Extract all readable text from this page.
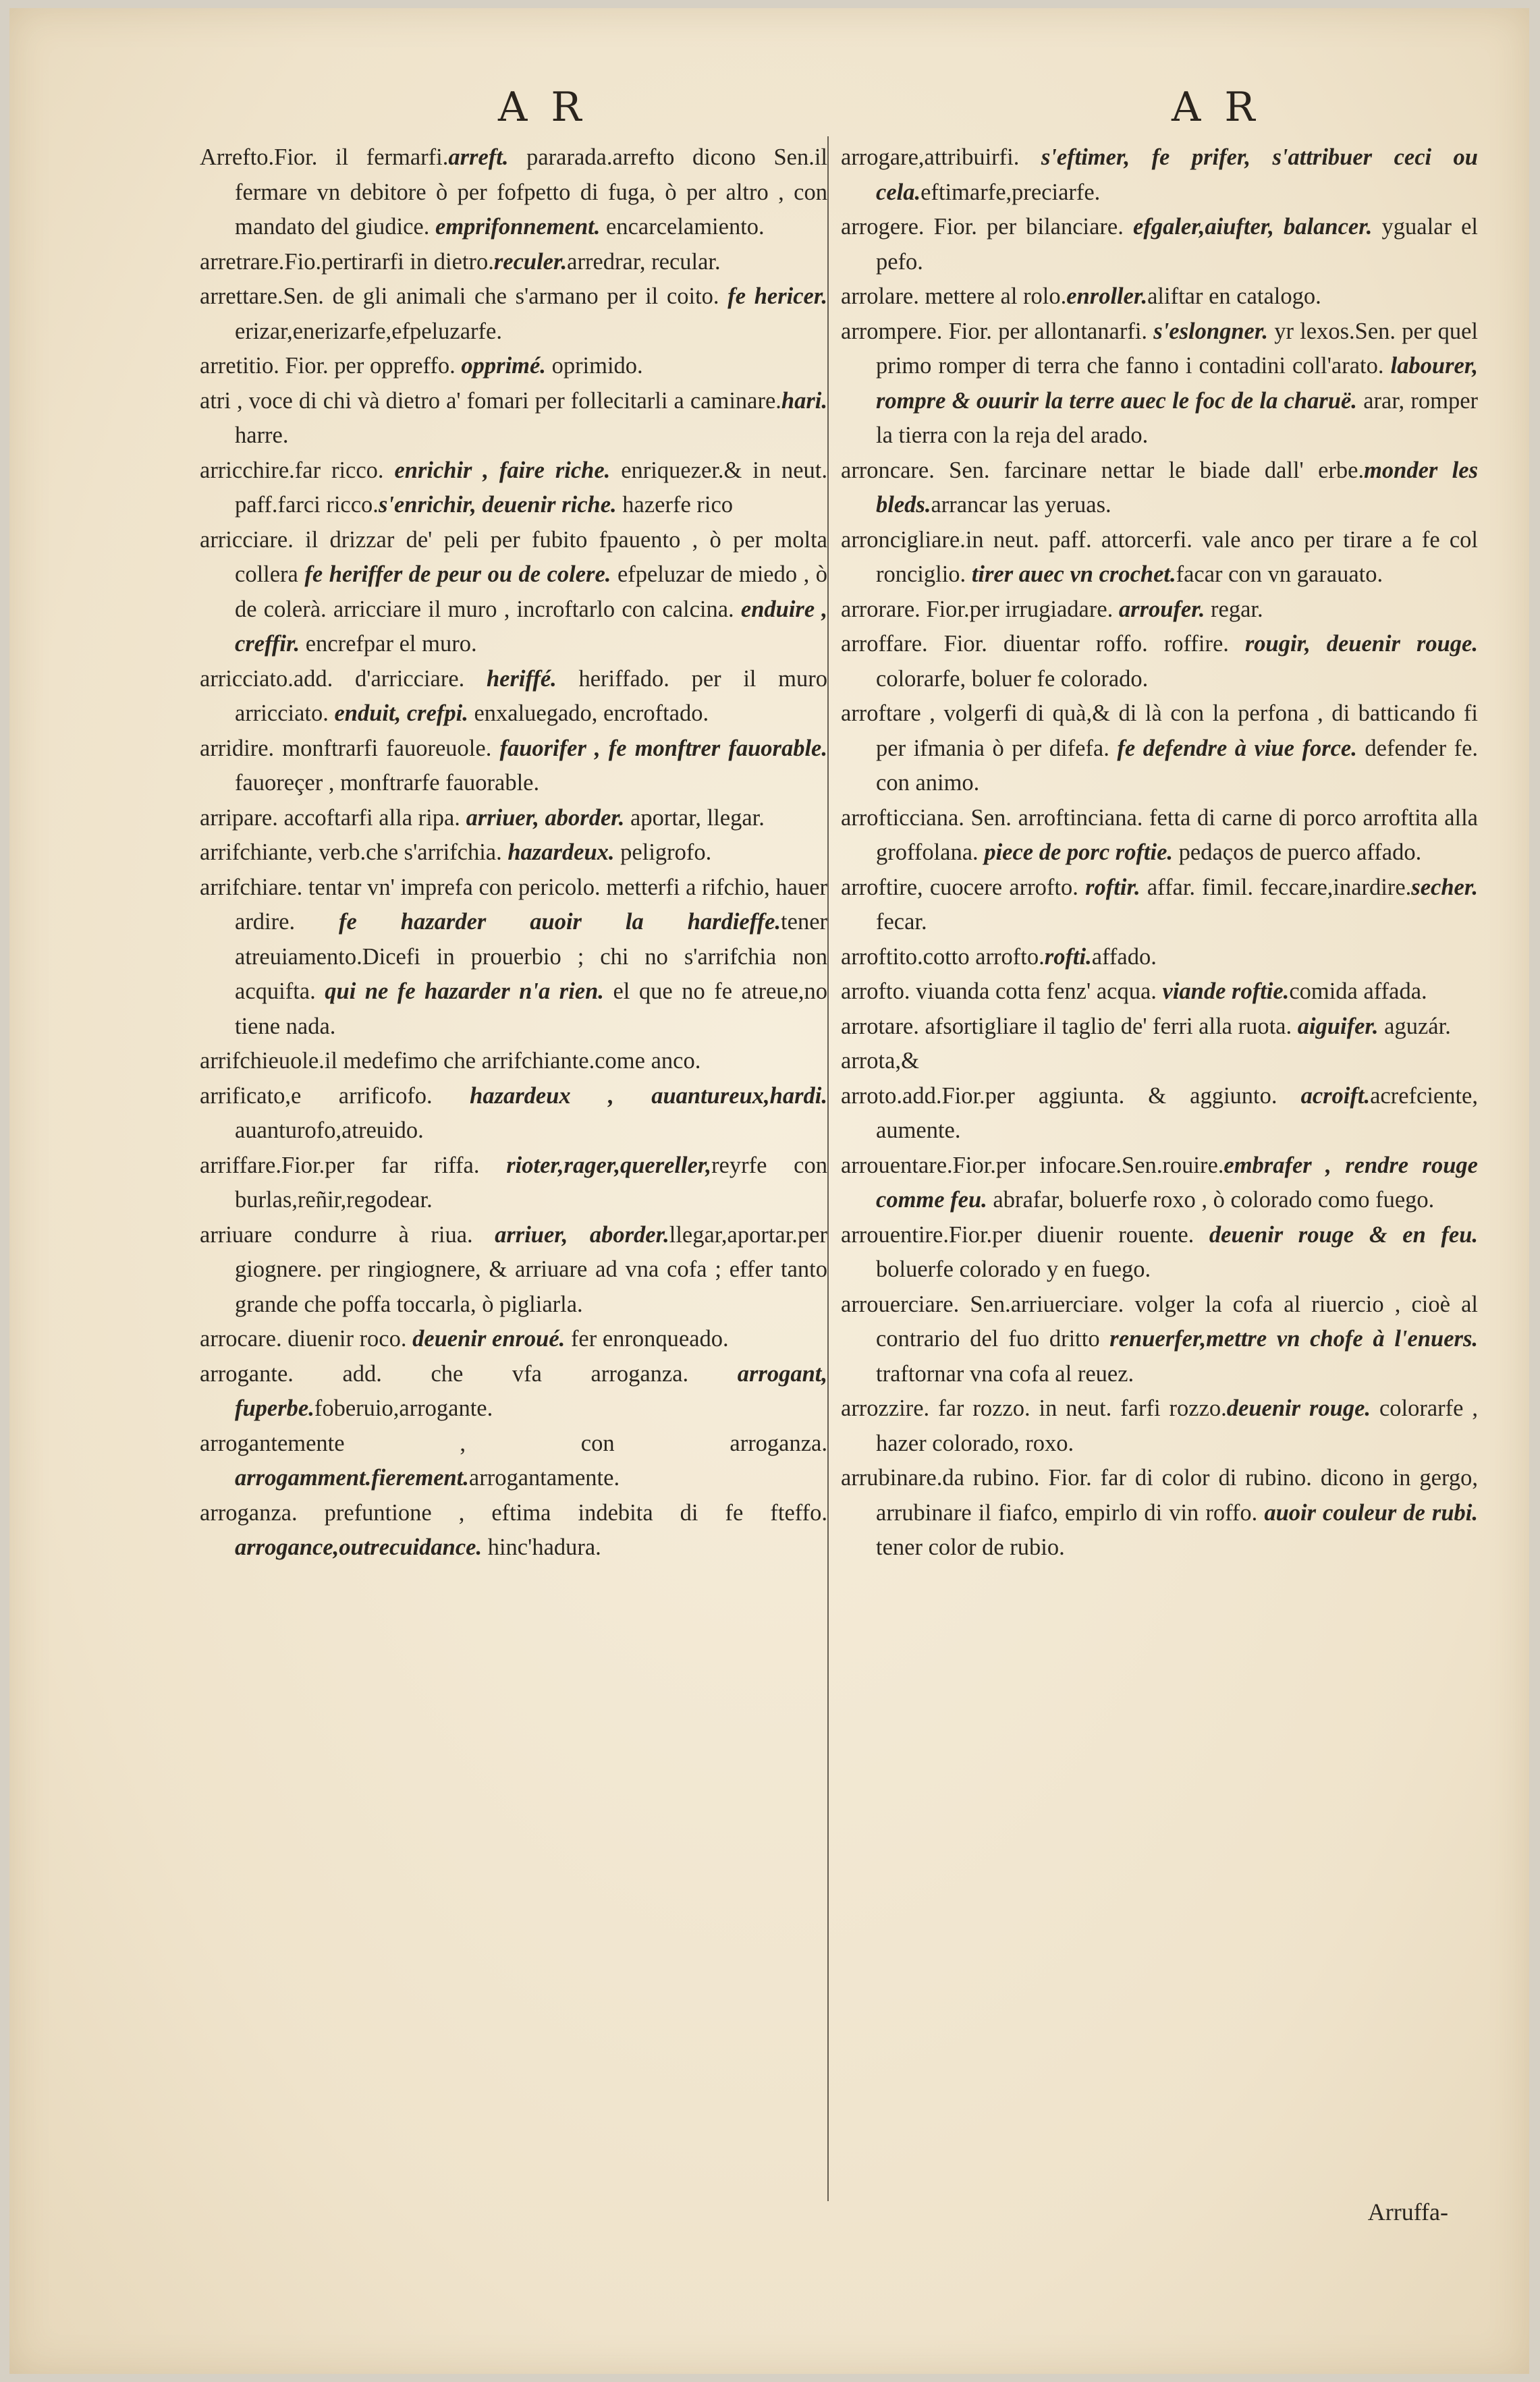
A R	A R
Arrefto.Fior. il fermarfi.arreft. pararada.arrefto dicono Sen.il fermare vn debitore ò per fofpetto di fuga, ò per altro , con mandato del giudice. emprifonnement. encarcelamiento.
arretrare.Fio.pertirarfi in dietro.reculer.arredrar, recular.
arrettare.Sen. de gli animali che s'armano per il coito. fe hericer. erizar,enerizarfe,efpeluzarfe.
arretitio. Fior. per oppreffo. opprimé. oprimido.
atri , voce di chi và dietro a' fomari per follecitarli a caminare.hari. harre.
arricchire.far ricco. enrichir , faire riche. enriquezer.& in neut. paff.farci ricco.s'enrichir, deuenir riche. hazerfe rico
arricciare. il drizzar de' peli per fubito fpauento , ò per molta collera fe heriffer de peur ou de colere. efpeluzar de miedo , ò de colerà. arricciare il muro , incroftarlo con calcina. enduire , creffir. encrefpar el muro.
arricciato.add. d'arricciare. heriffé. heriffado. per il muro arricciato. enduit, crefpi. enxaluegado, encroftado.
arridire. monftrarfi fauoreuole. fauorifer , fe monftrer fauorable. fauoreçer , monftrarfe fauorable.
arripare. accoftarfi alla ripa. arriuer, aborder. aportar, llegar.
arrifchiante, verb.che s'arrifchia. hazardeux. peligrofo.
arrifchiare. tentar vn' imprefa con pericolo. metterfi a rifchio, hauer ardire. fe hazarder auoir la hardieffe.tener atreuiamento.Dicefi in prouerbio ; chi no s'arrifchia non acquifta. qui ne fe hazarder n'a rien. el que no fe atreue,no tiene nada.
arrifchieuole.il medefimo che arrifchiante.come anco.
arrificato,e arrificofo. hazardeux , auantureux,hardi. auanturofo,atreuido.
arriffare.Fior.per far riffa. rioter,rager,quereller,reyrfe con burlas,reñir,regodear.
arriuare condurre à riua. arriuer, aborder.llegar,aportar.per giognere. per ringiognere, & arriuare ad vna cofa ; effer tanto grande che poffa toccarla, ò pigliarla.
arrocare. diuenir roco. deuenir enroué. fer enronqueado.
arrogante. add. che vfa arroganza. arrogant, fuperbe.foberuio,arrogante.
arrogantemente , con arroganza. arrogamment.fierement.arrogantamente.
arroganza. prefuntione , eftima indebita di fe fteffo. arrogance,outrecuidance. hinc'hadura.
arrogare,attribuirfi. s'eftimer, fe prifer, s'attribuer ceci ou cela.eftimarfe,preciarfe.
arrogere. Fior. per bilanciare. efgaler,aiufter, balancer. ygualar el pefo.
arrolare. mettere al rolo.enroller.aliftar en catalogo.
arrompere. Fior. per allontanarfi. s'eslongner. yr lexos.Sen. per quel primo romper di terra che fanno i contadini coll'arato. labourer, rompre & ouurir la terre auec le foc de la charuë. arar, romper la tierra con la reja del arado.
arroncare. Sen. farcinare nettar le biade dall' erbe.monder les bleds.arrancar las yeruas.
arroncigliare.in neut. paff. attorcerfi. vale anco per tirare a fe col ronciglio. tirer auec vn crochet.facar con vn garauato.
arrorare. Fior.per irrugiadare. arroufer. regar.
arroffare. Fior. diuentar roffo. roffire. rougir, deuenir rouge. colorarfe, boluer fe colorado.
arroftare , volgerfi di quà,& di là con la perfona , di batticando fi per ifmania ò per difefa. fe defendre à viue force. defender fe. con animo.
arrofticciana. Sen. arroftinciana. fetta di carne di porco arroftita alla groffolana. piece de porc roftie. pedaços de puerco affado.
arroftire, cuocere arrofto. roftir. affar. fimil. feccare,inardire.secher. fecar.
arroftito.cotto arrofto.rofti.affado.
arrofto. viuanda cotta fenz' acqua. viande roftie.comida affada.
arrotare. afsortigliare il taglio de' ferri alla ruota. aiguifer. aguzár.
arrota,&
arroto.add.Fior.per aggiunta. & aggiunto. acroift.acrefciente, aumente.
arrouentare.Fior.per infocare.Sen.rouire.embrafer , rendre rouge comme feu. abrafar, boluerfe roxo , ò colorado como fuego.
arrouentire.Fior.per diuenir rouente. deuenir rouge & en feu. boluerfe colorado y en fuego.
arrouerciare. Sen.arriuerciare. volger la cofa al riuercio , cioè al contrario del fuo dritto renuerfer,mettre vn chofe à l'enuers. traftornar vna cofa al reuez.
arrozzire. far rozzo. in neut. farfi rozzo.deuenir rouge. colorarfe , hazer colorado, roxo.
arrubinare.da rubino. Fior. far di color di rubino. dicono in gergo, arrubinare il fiafco, empirlo di vin roffo. auoir couleur de rubi. tener color de rubio.
Arruffa-
